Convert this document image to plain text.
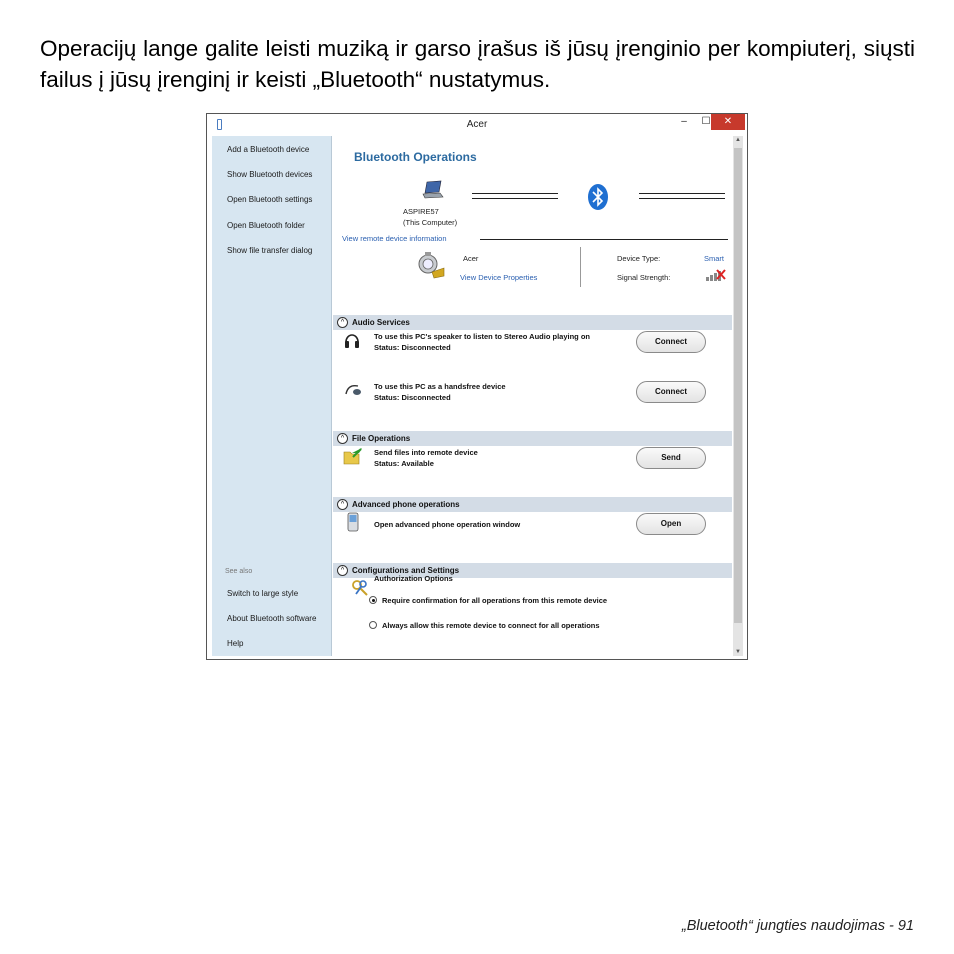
Operacijų lange galite leisti muziką ir garso įrašus iš jūsų įrenginio per kompiuterį, siųsti failus į jūsų įrenginį ir keisti „Bluetooth“ nustatymus.
Acer	–	☐	✕
Add a Bluetooth device
Show Bluetooth devices
Open Bluetooth settings
Open Bluetooth folder
Show file transfer dialog
See also
Switch to large style
About Bluetooth software
Help
Bluetooth Operations
ASPIRE57
(This Computer)
View remote device information
Acer
View Device Properties
Device Type:	Smart
Signal Strength:
^ Audio Services
To use this PC's speaker to listen to Stereo Audio playing on
Status: Disconnected
Connect
To use this PC as a handsfree device
Status: Disconnected
Connect
^ File Operations
Send files into remote device
Status: Available
Send
^ Advanced phone operations
Open advanced phone operation window	Open
^ Configurations and Settings
Authorization Options
Require confirmation for all operations from this remote device
Always allow this remote device to connect for all operations
▲
▼
„Bluetooth“ jungties naudojimas - 91
